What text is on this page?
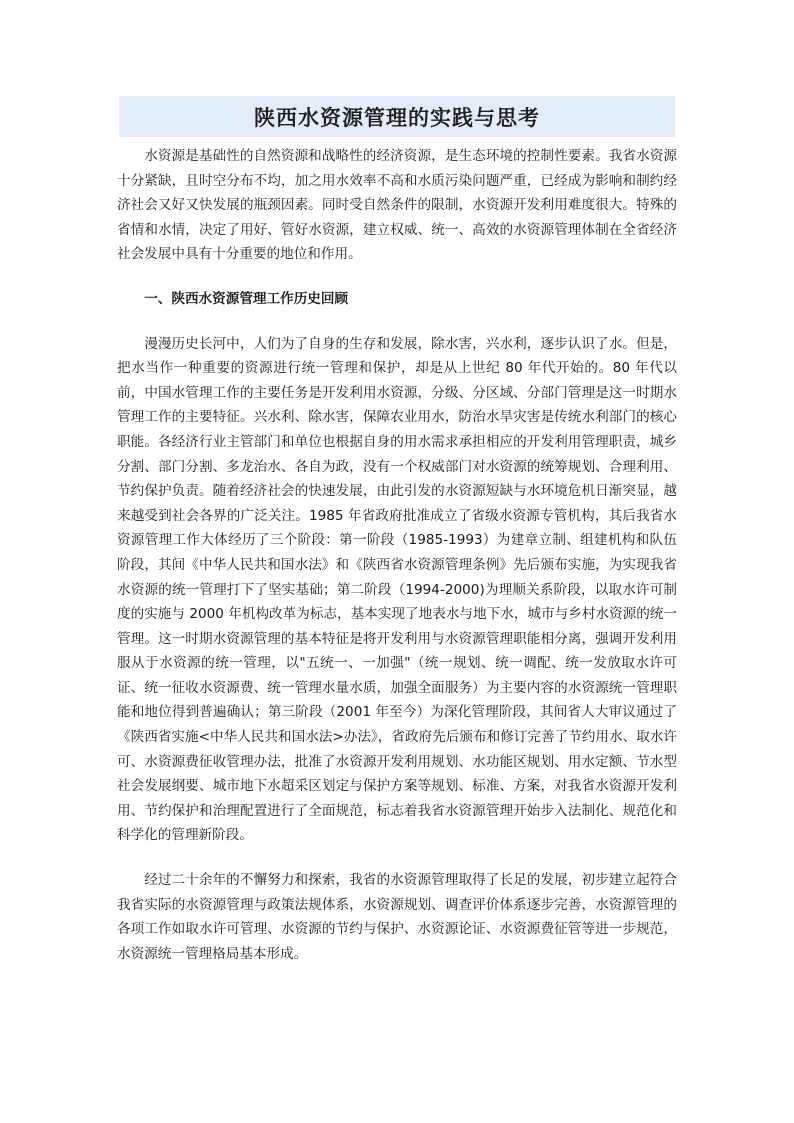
陕西水资源管理的实践与思考

水资源是基础性的自然资源和战略性的经济资源，是生态环境的控制性要素。我省水资源十分紧缺，且时空分布不均，加之用水效率不高和水质污染问题严重，已经成为影响和制约经济社会又好又快发展的瓶颈因素。同时受自然条件的限制，水资源开发利用难度很大。特殊的省情和水情，决定了用好、管好水资源，建立权威、统一、高效的水资源管理体制在全省经济社会发展中具有十分重要的地位和作用。

一、陕西水资源管理工作历史回顾

漫漫历史长河中，人们为了自身的生存和发展，除水害，兴水利，逐步认识了水。但是，把水当作一种重要的资源进行统一管理和保护，却是从上世纪 80 年代开始的。80 年代以前，中国水管理工作的主要任务是开发利用水资源，分级、分区域、分部门管理是这一时期水管理工作的主要特征。兴水利、除水害，保障农业用水，防治水旱灾害是传统水利部门的核心职能。各经济行业主管部门和单位也根据自身的用水需求承担相应的开发利用管理职责，城乡分割、部门分割、多龙治水、各自为政，没有一个权威部门对水资源的统筹规划、合理利用、节约保护负责。随着经济社会的快速发展，由此引发的水资源短缺与水环境危机日渐突显，越来越受到社会各界的广泛关注。1985 年省政府批准成立了省级水资源专管机构，其后我省水资源管理工作大体经历了三个阶段：第一阶段（1985-1993）为建章立制、组建机构和队伍阶段，其间《中华人民共和国水法》和《陕西省水资源管理条例》先后颁布实施，为实现我省水资源的统一管理打下了坚实基础；第二阶段（1994-2000)为理顺关系阶段，以取水许可制度的实施与 2000 年机构改革为标志，基本实现了地表水与地下水，城市与乡村水资源的统一管理。这一时期水资源管理的基本特征是将开发利用与水资源管理职能相分离，强调开发利用服从于水资源的统一管理，以"五统一、一加强"（统一规划、统一调配、统一发放取水许可证、统一征收水资源费、统一管理水量水质，加强全面服务）为主要内容的水资源统一管理职能和地位得到普遍确认；第三阶段（2001 年至今）为深化管理阶段，其间省人大审议通过了《陕西省实施<中华人民共和国水法>办法》，省政府先后颁布和修订完善了节约用水、取水许可、水资源费征收管理办法，批准了水资源开发利用规划、水功能区规划、用水定额、节水型社会发展纲要、城市地下水超采区划定与保护方案等规划、标准、方案，对我省水资源开发利用、节约保护和治理配置进行了全面规范，标志着我省水资源管理开始步入法制化、规范化和科学化的管理新阶段。

经过二十余年的不懈努力和探索，我省的水资源管理取得了长足的发展，初步建立起符合我省实际的水资源管理与政策法规体系，水资源规划、调查评价体系逐步完善，水资源管理的各项工作如取水许可管理、水资源的节约与保护、水资源论证、水资源费征管等进一步规范，水资源统一管理格局基本形成。
